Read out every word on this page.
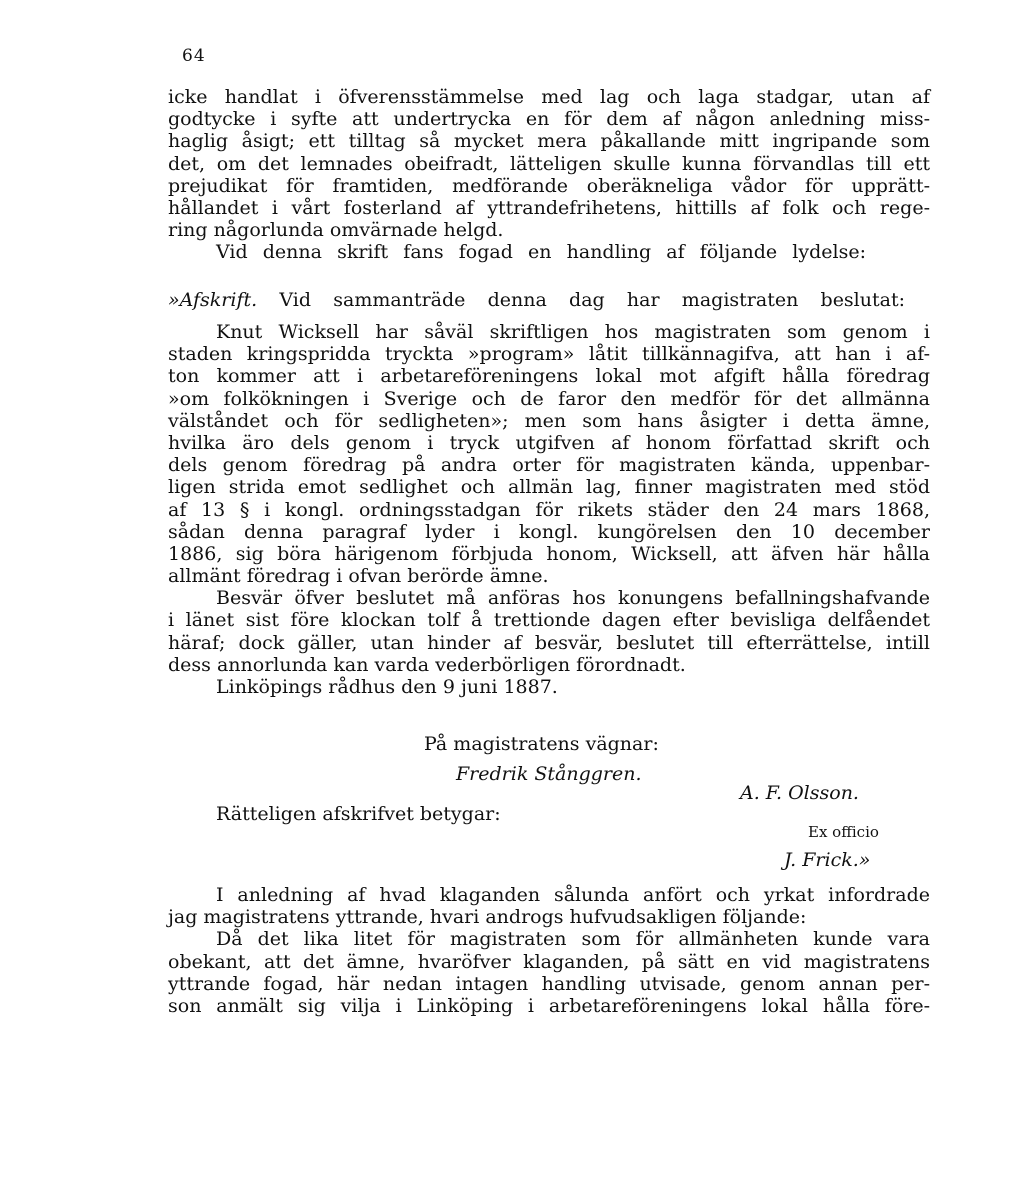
64
icke handlat i öfverensstämmelse med lag och laga stadgar, utan af
godtycke i syfte att undertrycka en för dem af någon anledning miss-
haglig åsigt; ett tilltag så mycket mera påkallande mitt ingripande som
det, om det lemnades obeifradt, lätteligen skulle kunna förvandlas till ett
prejudikat för framtiden, medförande oberäkneliga vådor för upprätt-
hållandet i vårt fosterland af yttrandefrihetens, hittills af folk och rege-
ring någorlunda omvärnade helgd.
Vid denna skrift fans fogad en handling af följande lydelse:
»Afskrift. Vid sammanträde denna dag har magistraten beslutat:
Knut Wicksell har såväl skriftligen hos magistraten som genom i
staden kringspridda tryckta »program» låtit tillkännagifva, att han i af-
ton kommer att i arbetareföreningens lokal mot afgift hålla föredrag
»om folkökningen i Sverige och de faror den medför för det allmänna
välståndet och för sedligheten»; men som hans åsigter i detta ämne,
hvilka äro dels genom i tryck utgifven af honom författad skrift och
dels genom föredrag på andra orter för magistraten kända, uppenbar-
ligen strida emot sedlighet och allmän lag, finner magistraten med stöd
af 13 § i kongl. ordningsstadgan för rikets städer den 24 mars 1868,
sådan denna paragraf lyder i kongl. kungörelsen den 10 december
1886, sig böra härigenom förbjuda honom, Wicksell, att äfven här hålla
allmänt föredrag i ofvan berörde ämne.
Besvär öfver beslutet må anföras hos konungens befallningshafvande
i länet sist före klockan tolf å trettionde dagen efter bevisliga delfåendet
häraf; dock gäller, utan hinder af besvär, beslutet till efterrättelse, intill
dess annorlunda kan varda vederbörligen förordnadt.
Linköpings rådhus den 9 juni 1887.
På magistratens vägnar:
Fredrik Stånggren.
A. F. Olsson.
Rätteligen afskrifvet betygar:
Ex officio
J. Frick.»
I anledning af hvad klaganden sålunda anfört och yrkat infordrade
jag magistratens yttrande, hvari androgs hufvudsakligen följande:
Då det lika litet för magistraten som för allmänheten kunde vara
obekant, att det ämne, hvaröfver klaganden, på sätt en vid magistratens
yttrande fogad, här nedan intagen handling utvisade, genom annan per-
son anmält sig vilja i Linköping i arbetareföreningens lokal hålla före-
